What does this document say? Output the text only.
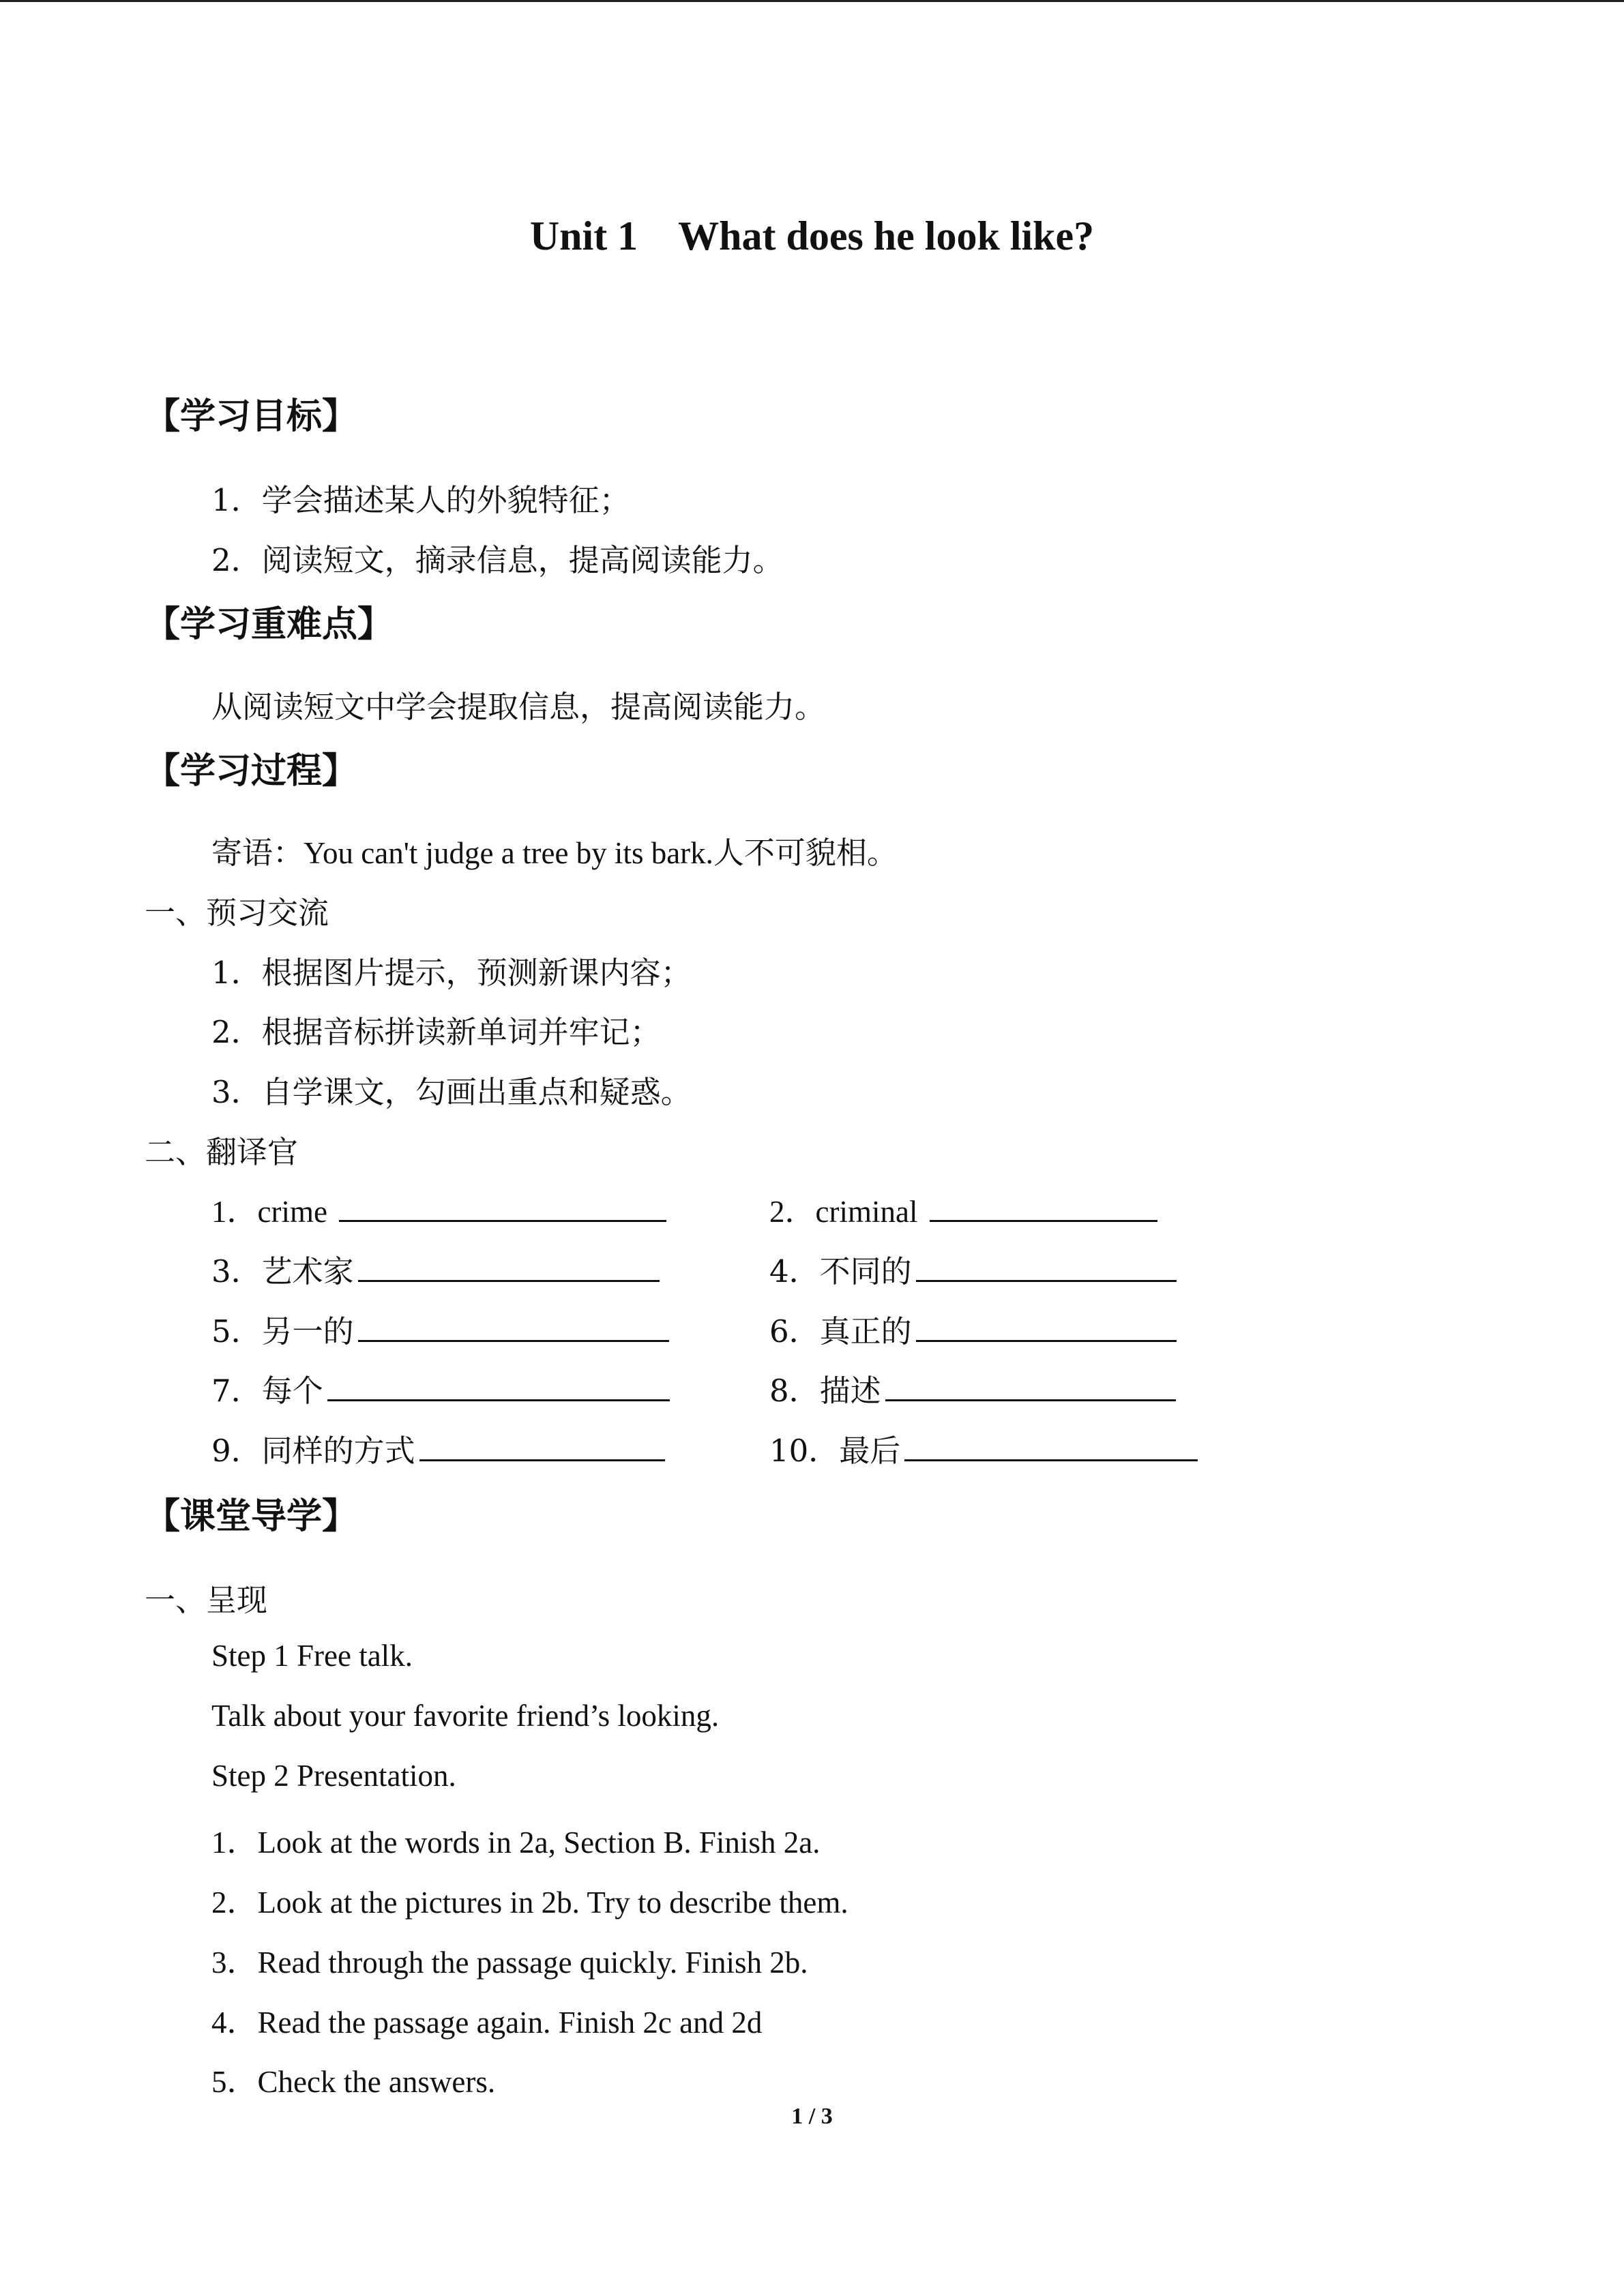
Unit 1    What does he look like?
【学习目标】
1．学会描述某人的外貌特征；
2．阅读短文，摘录信息，提高阅读能力。
【学习重难点】
从阅读短文中学会提取信息，提高阅读能力。
【学习过程】
寄语：You can't judge a tree by its bark.人不可貌相。
一、预习交流
1．根据图片提示，预测新课内容；
2．根据音标拼读新单词并牢记；
3．自学课文，勾画出重点和疑惑。
二、翻译官
1．crime	2．criminal
3．艺术家	4．不同的
5．另一的	6．真正的
7．每个	8．描述
9．同样的方式	10．最后
【课堂导学】
一、呈现
Step 1 Free talk.
Talk about your favorite friend’s looking.
Step 2 Presentation.
1．Look at the words in 2a, Section B. Finish 2a.
2．Look at the pictures in 2b. Try to describe them.
3．Read through the passage quickly. Finish 2b.
4．Read the passage again. Finish 2c and 2d
5．Check the answers.
1 / 3
